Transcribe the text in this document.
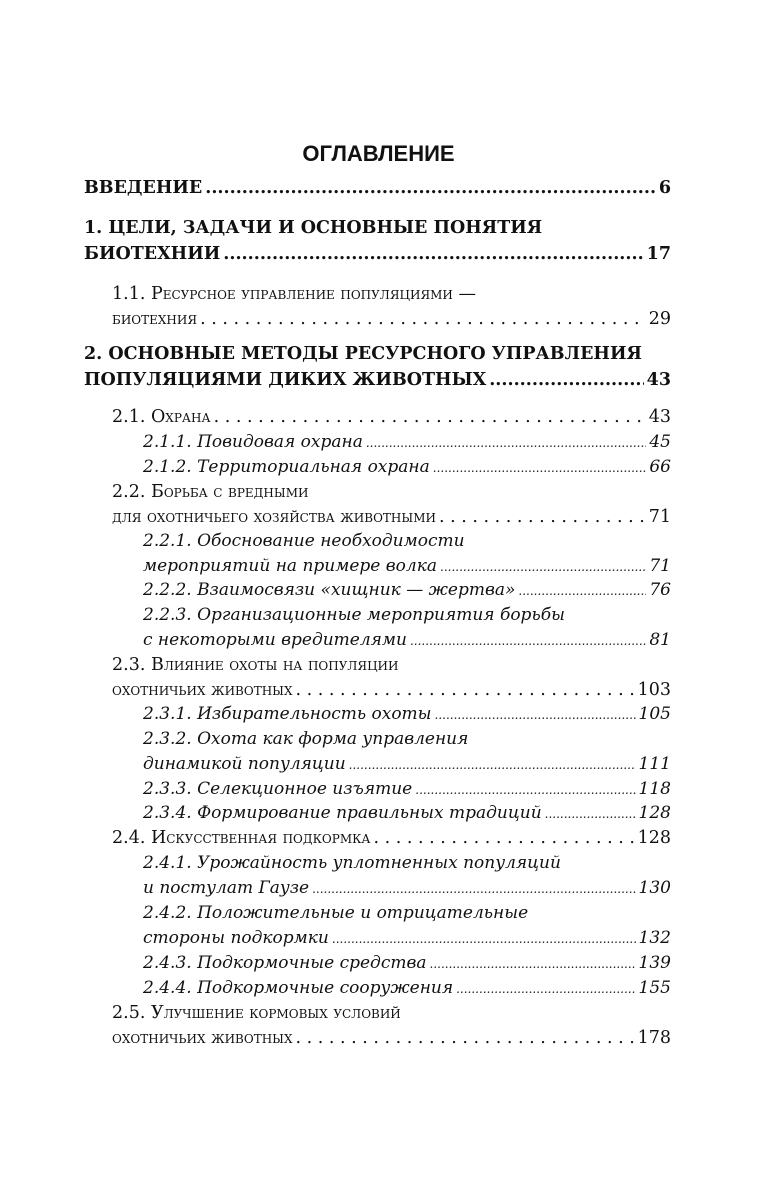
ОГЛАВЛЕНИЕ
ВВЕДЕНИЕ .....	6
1. ЦЕЛИ, ЗАДАЧИ И ОСНОВНЫЕ ПОНЯТИЯ
БИОТЕХНИИ .....	17
1.1. Ресурсное управление популяциями —
биотехния . . .	29
2. ОСНОВНЫЕ МЕТОДЫ РЕСУРСНОГО УПРАВЛЕНИЯ
ПОПУЛЯЦИЯМИ ДИКИХ ЖИВОТНЫХ .....	43
2.1. Охрана . . .	43
2.1.1. Повидовая охрана .....	45
2.1.2. Территориальная охрана .....	66
2.2. Борьба с вредными
для охотничьего хозяйства животными . . .	71
2.2.1. Обоснование необходимости
мероприятий на примере волка .....	71
2.2.2. Взаимосвязи «хищник — жертва» .....	76
2.2.3. Организационные мероприятия борьбы
с некоторыми вредителями .....	81
2.3. Влияние охоты на популяции
охотничьих животных . . .	103
2.3.1. Избирательность охоты .....	105
2.3.2. Охота как форма управления
динамикой популяции .....	111
2.3.3. Селекционное изъятие .....	118
2.3.4. Формирование правильных традиций .....	128
2.4. Искусственная подкормка . . .	128
2.4.1. Урожайность уплотненных популяций
и постулат Гаузе .....	130
2.4.2. Положительные и отрицательные
стороны подкормки .....	132
2.4.3. Подкормочные средства .....	139
2.4.4. Подкормочные сооружения .....	155
2.5. Улучшение кормовых условий
охотничьих животных . . .	178
